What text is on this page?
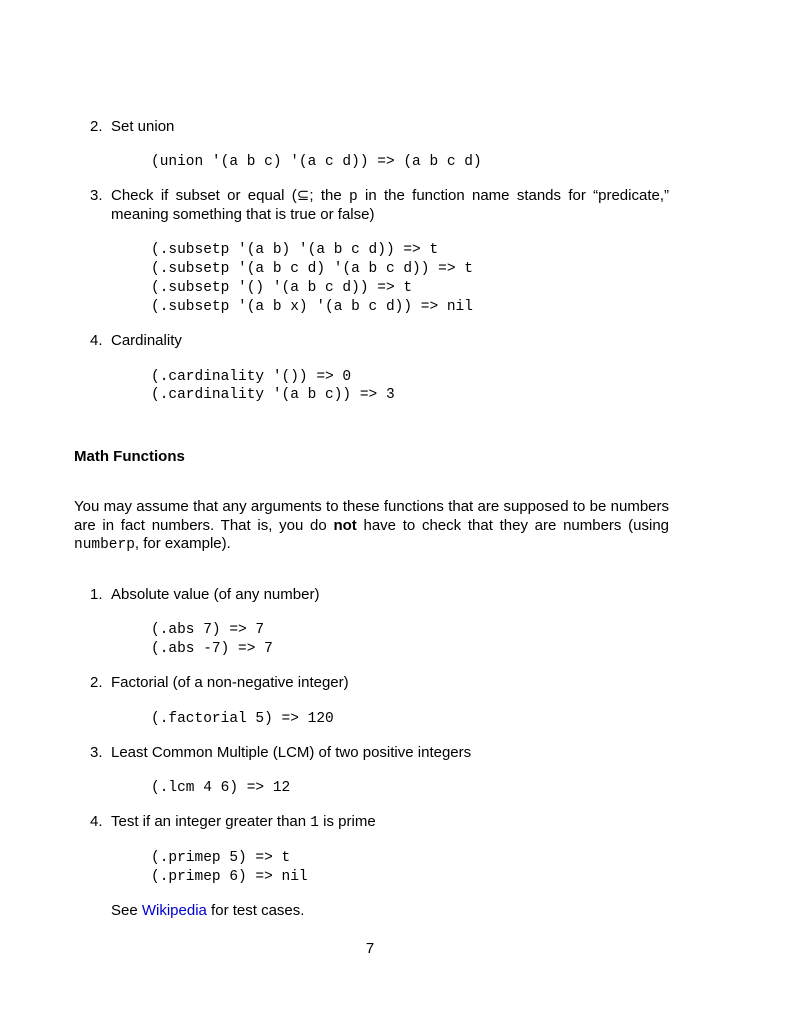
2. Set union
(union '(a b c) '(a c d)) => (a b c d)
3. Check if subset or equal (⊆; the p in the function name stands for “predicate,”
meaning something that is true or false)
(.subsetp '(a b) '(a b c d)) => t
(.subsetp '(a b c d) '(a b c d)) => t
(.subsetp '() '(a b c d)) => t
(.subsetp '(a b x) '(a b c d)) => nil
4. Cardinality
(.cardinality '()) => 0
(.cardinality '(a b c)) => 3
Math Functions
You may assume that any arguments to these functions that are supposed to be numbers
are in fact numbers. That is, you do not have to check that they are numbers (using
numberp, for example).
1. Absolute value (of any number)
(.abs 7) => 7
(.abs -7) => 7
2. Factorial (of a non-negative integer)
(.factorial 5) => 120
3. Least Common Multiple (LCM) of two positive integers
(.lcm 4 6) => 12
4. Test if an integer greater than 1 is prime
(.primep 5) => t
(.primep 6) => nil
See Wikipedia for test cases.
7
